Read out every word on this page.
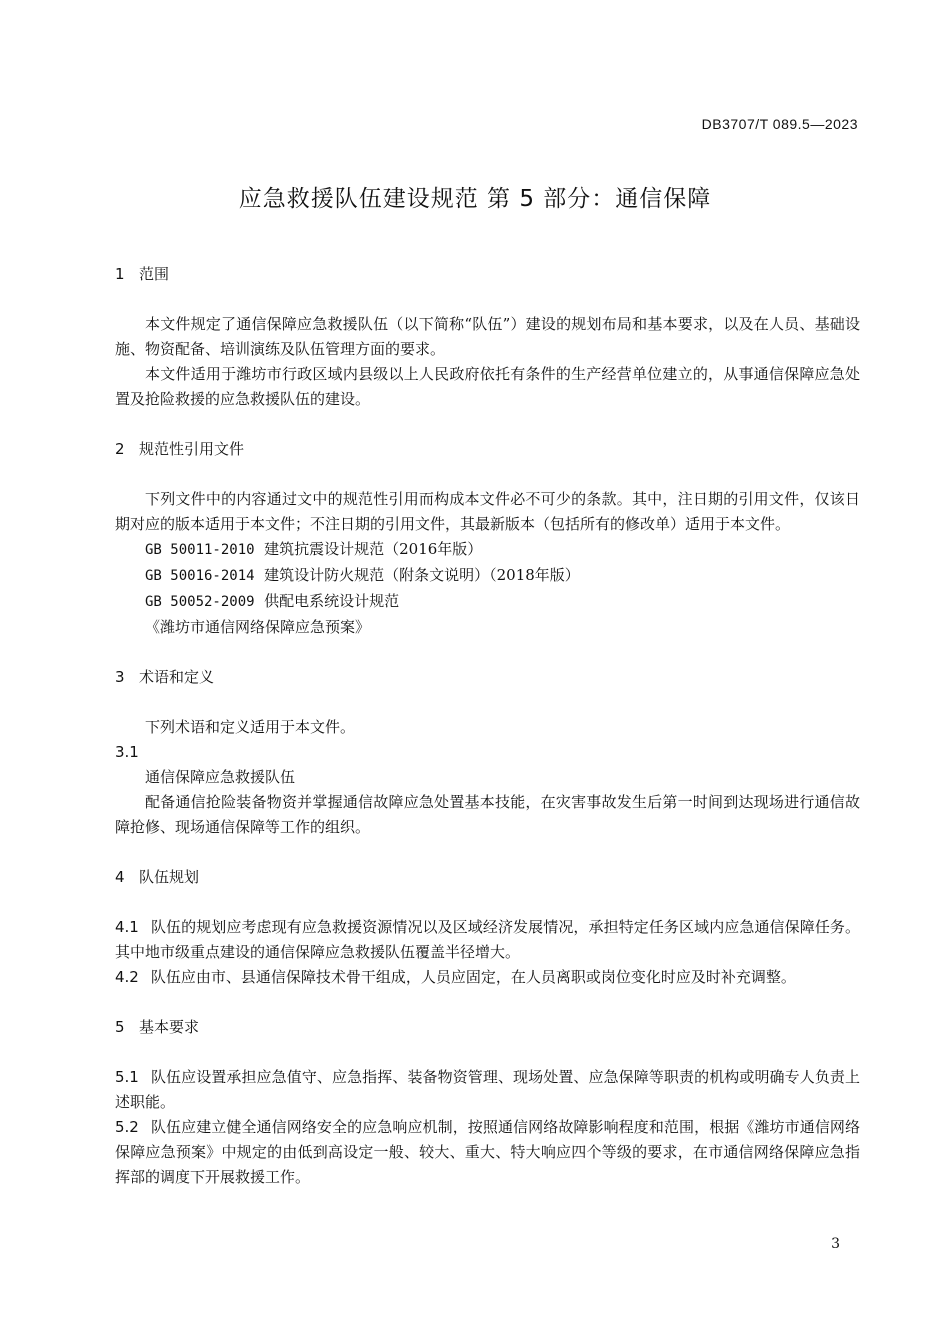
DB3707/T 089.5—2023
应急救援队伍建设规范 第 5 部分：通信保障
1 范围

本文件规定了通信保障应急救援队伍（以下简称“队伍”）建设的规划布局和基本要求，以及在人员、基础设施、物资配备、培训演练及队伍管理方面的要求。

本文件适用于潍坊市行政区域内县级以上人民政府依托有条件的生产经营单位建立的，从事通信保障应急处置及抢险救援的应急救援队伍的建设。

2 规范性引用文件

下列文件中的内容通过文中的规范性引用而构成本文件必不可少的条款。其中，注日期的引用文件，仅该日期对应的版本适用于本文件；不注日期的引用文件，其最新版本（包括所有的修改单）适用于本文件。

GB 50011-2010 建筑抗震设计规范（2016年版）

GB 50016-2014 建筑设计防火规范（附条文说明）（2018年版）

GB 50052-2009 供配电系统设计规范

《潍坊市通信网络保障应急预案》

3 术语和定义

下列术语和定义适用于本文件。

3.1

通信保障应急救援队伍

配备通信抢险装备物资并掌握通信故障应急处置基本技能，在灾害事故发生后第一时间到达现场进行通信故障抢修、现场通信保障等工作的组织。

4 队伍规划

4.1 队伍的规划应考虑现有应急救援资源情况以及区域经济发展情况，承担特定任务区域内应急通信保障任务。其中地市级重点建设的通信保障应急救援队伍覆盖半径增大。

4.2 队伍应由市、县通信保障技术骨干组成，人员应固定，在人员离职或岗位变化时应及时补充调整。

5 基本要求

5.1 队伍应设置承担应急值守、应急指挥、装备物资管理、现场处置、应急保障等职责的机构或明确专人负责上述职能。

5.2 队伍应建立健全通信网络安全的应急响应机制，按照通信网络故障影响程度和范围，根据《潍坊市通信网络保障应急预案》中规定的由低到高设定一般、较大、重大、特大响应四个等级的要求，在市通信网络保障应急指挥部的调度下开展救援工作。

3
